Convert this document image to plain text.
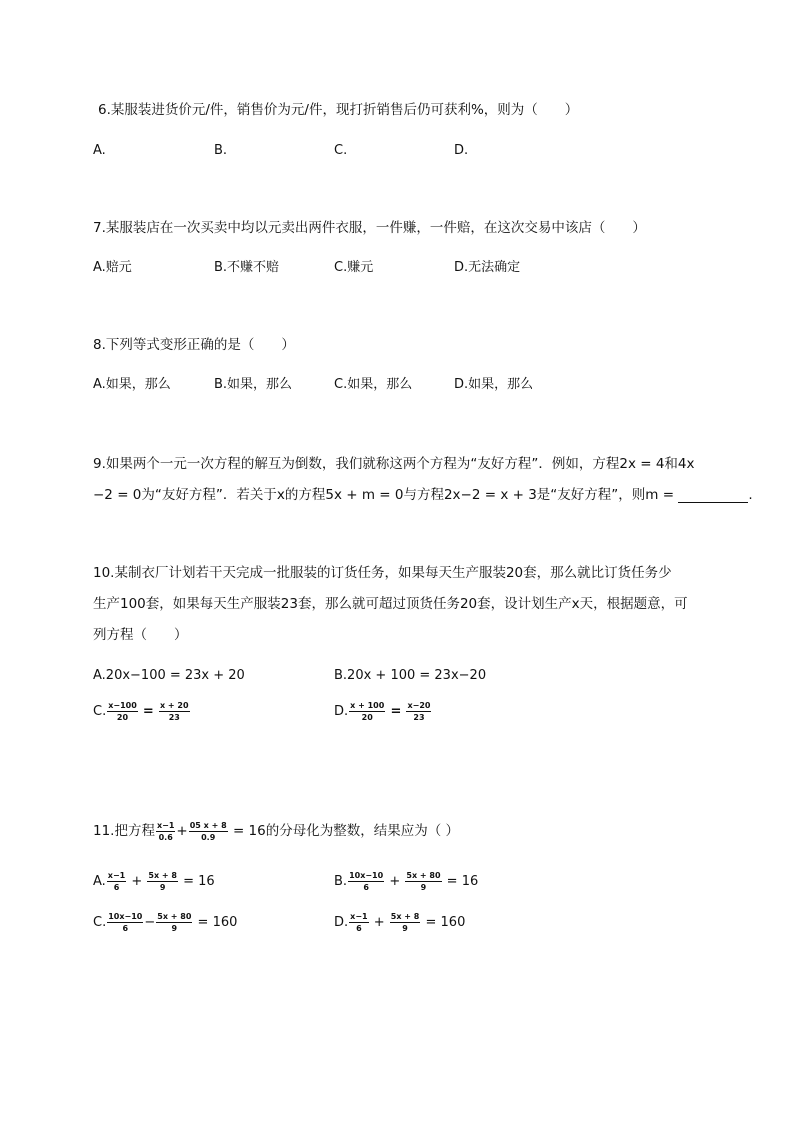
6.某服装进货价元/件，销售价为元/件，现打折销售后仍可获利%，则为（　　）
A.	B.	C.	D.
7.某服装店在一次买卖中均以元卖出两件衣服，一件赚，一件赔，在这次交易中该店（　　）
A.赔元	B.不赚不赔	C.赚元	D.无法确定
8.下列等式变形正确的是（　　）
A.如果，那么	B.如果，那么	C.如果，那么	D.如果，那么
9.如果两个一元一次方程的解互为倒数，我们就称这两个方程为“友好方程”．例如，方程2x = 4和4x
−2 = 0为“友好方程”．若关于x的方程5x + m = 0与方程2x−2 = x + 3是“友好方程”，则m =	.
10.某制衣厂计划若干天完成一批服装的订货任务，如果每天生产服装20套，那么就比订货任务少
生产100套，如果每天生产服装23套，那么就可超过顶货任务20套，设计划生产x天，根据题意，可
列方程（　　）
A.20x−100 = 23x + 20	B.20x + 100 = 23x−20
C. $\frac{x-100}{20} = \frac{x + 20}{23}$	D. $\frac{x + 100}{20} = \frac{x-20}{23}$
11.把方程 $\frac{x-1}{0.6} + \frac{05 x + 8}{0.9} = 16$的分母化为整数，结果应为（ ）
A. $\frac{x-1}{6} + \frac{5x + 8}{9} = 16$	B. $\frac{10x-10}{6} + \frac{5x + 80}{9} = 16$
C. $\frac{10x-10}{6} - \frac{5x + 80}{9} = 160$	D. $\frac{x-1}{6} + \frac{5x + 8}{9} = 160$
